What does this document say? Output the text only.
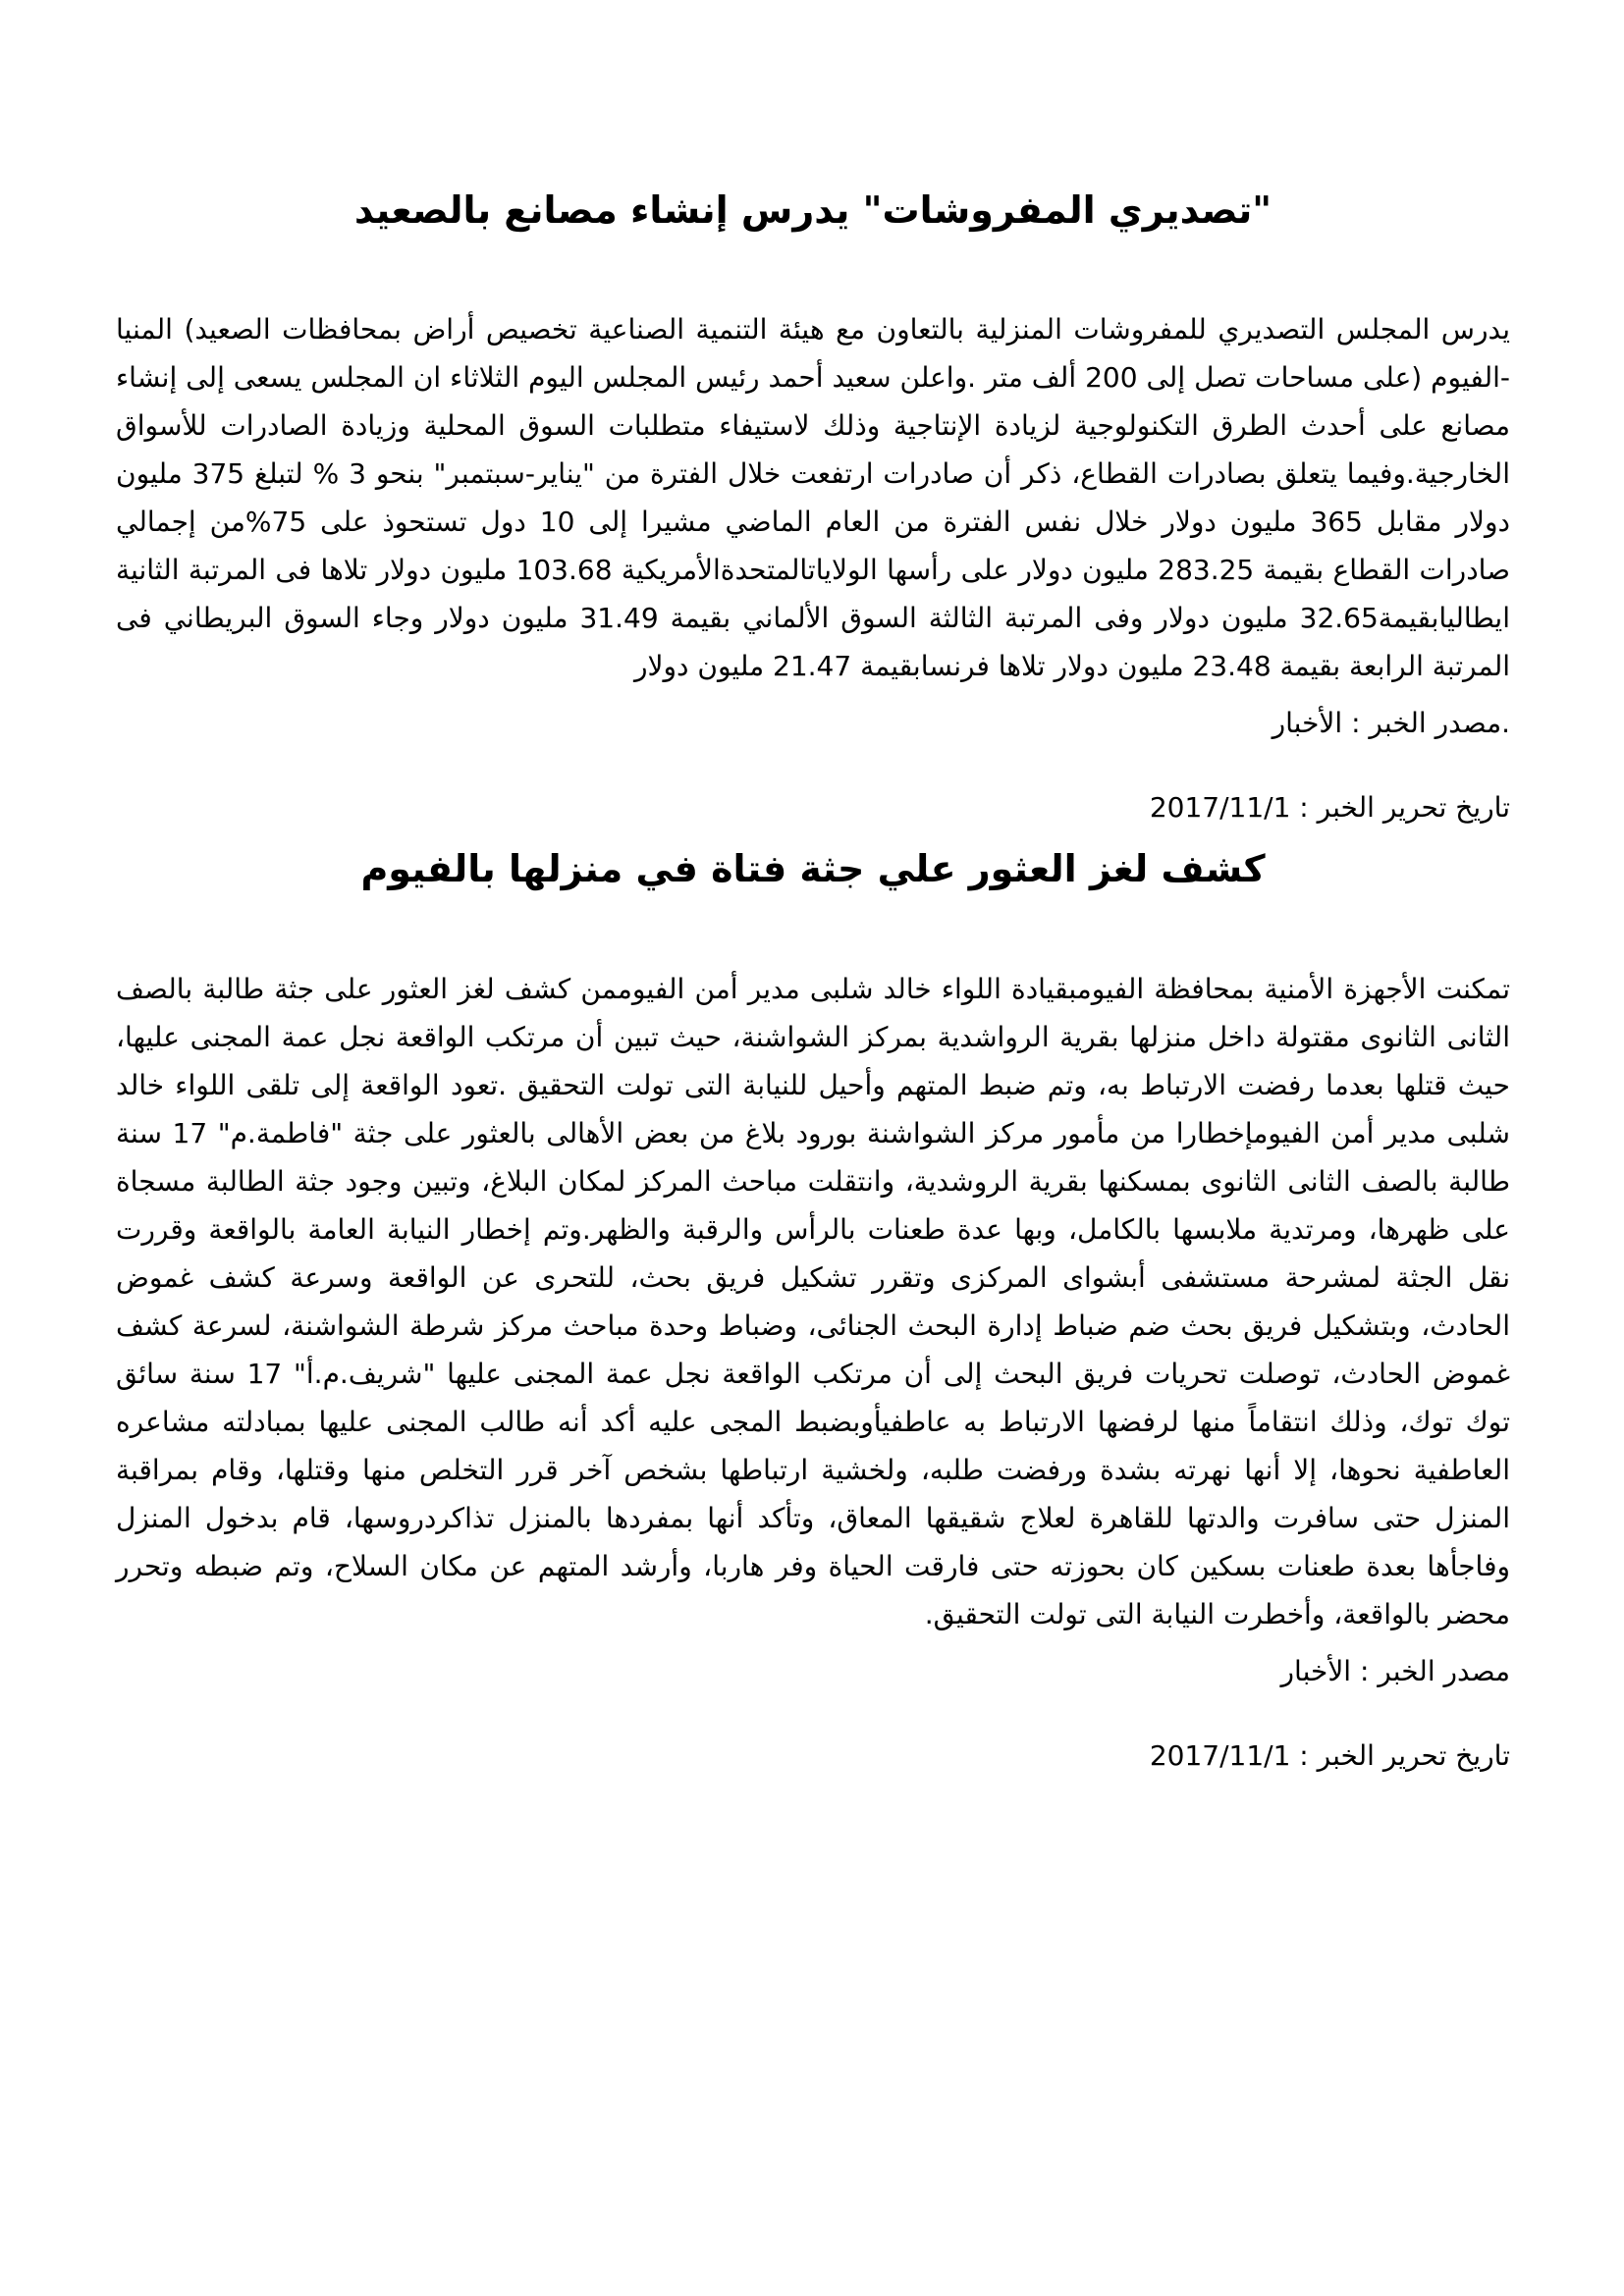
"تصديري المفروشات" يدرس إنشاء مصانع بالصعيد

يدرس المجلس التصديري للمفروشات المنزلية بالتعاون مع هيئة التنمية الصناعية تخصيص أراض بمحافظات الصعيد) المنيا -الفيوم (على مساحات تصل إلى 200 ألف متر .واعلن سعيد أحمد رئيس المجلس اليوم الثلاثاء ان المجلس يسعى إلى إنشاء مصانع على أحدث الطرق التكنولوجية لزيادة الإنتاجية وذلك لاستيفاء متطلبات السوق المحلية وزيادة الصادرات للأسواق الخارجية.وفيما يتعلق بصادرات القطاع، ذكر أن صادرات ارتفعت خلال الفترة من "يناير-سبتمبر" بنحو 3 % لتبلغ 375 مليون دولار مقابل 365 مليون دولار خلال نفس الفترة من العام الماضي مشيرا إلى 10 دول تستحوذ على 75%من إجمالي صادرات القطاع بقيمة 283.25 مليون دولار على رأسها الولاياتالمتحدةالأمريكية 103.68 مليون دولار تلاها فى المرتبة الثانية ايطاليابقيمة32.65 مليون دولار وفى المرتبة الثالثة السوق الألماني بقيمة 31.49 مليون دولار وجاء السوق البريطاني فى المرتبة الرابعة بقيمة 23.48 مليون دولار تلاها فرنسابقيمة 21.47 مليون دولار

.مصدر الخبر : الأخبار

تاريخ تحرير الخبر : 2017/11/1

كشف لغز العثور علي جثة فتاة في منزلها بالفيوم

تمكنت الأجهزة الأمنية بمحافظة الفيومبقيادة اللواء خالد شلبى مدير أمن الفيوممن كشف لغز العثور على جثة طالبة بالصف الثانى الثانوى مقتولة داخل منزلها بقرية الرواشدية بمركز الشواشنة، حيث تبين أن مرتكب الواقعة نجل عمة المجنى عليها، حيث قتلها بعدما رفضت الارتباط به، وتم ضبط المتهم وأحيل للنيابة التى تولت التحقيق .تعود الواقعة إلى تلقى اللواء خالد شلبى مدير أمن الفيومإخطارا من مأمور مركز الشواشنة بورود بلاغ من بعض الأهالى بالعثور على جثة "فاطمة.م" 17 سنة طالبة بالصف الثانى الثانوى بمسكنها بقرية الروشدية، وانتقلت مباحث المركز لمكان البلاغ، وتبين وجود جثة الطالبة مسجاة على ظهرها، ومرتدية ملابسها بالكامل، وبها عدة طعنات بالرأس والرقبة والظهر.وتم إخطار النيابة العامة بالواقعة وقررت نقل الجثة لمشرحة مستشفى أبشواى المركزى وتقرر تشكيل فريق بحث، للتحرى عن الواقعة وسرعة كشف غموض الحادث، وبتشكيل فريق بحث ضم ضباط إدارة البحث الجنائى، وضباط وحدة مباحث مركز شرطة الشواشنة، لسرعة كشف غموض الحادث، توصلت تحريات فريق البحث إلى أن مرتكب الواقعة نجل عمة المجنى عليها "شريف.م.أ" 17 سنة سائق توك توك، وذلك انتقاماً منها لرفضها الارتباط به عاطفيأوبضبط المجى عليه أكد أنه طالب المجنى عليها بمبادلته مشاعره العاطفية نحوها، إلا أنها نهرته بشدة ورفضت طلبه، ولخشية ارتباطها بشخص آخر قرر التخلص منها وقتلها، وقام بمراقبة المنزل حتى سافرت والدتها للقاهرة لعلاج شقيقها المعاق، وتأكد أنها بمفردها بالمنزل تذاكردروسها، قام بدخول المنزل وفاجأها بعدة طعنات بسكين كان بحوزته حتى فارقت الحياة وفر هاربا، وأرشد المتهم عن مكان السلاح، وتم ضبطه وتحرر محضر بالواقعة، وأخطرت النيابة التى تولت التحقيق.

مصدر الخبر : الأخبار

تاريخ تحرير الخبر : 2017/11/1
